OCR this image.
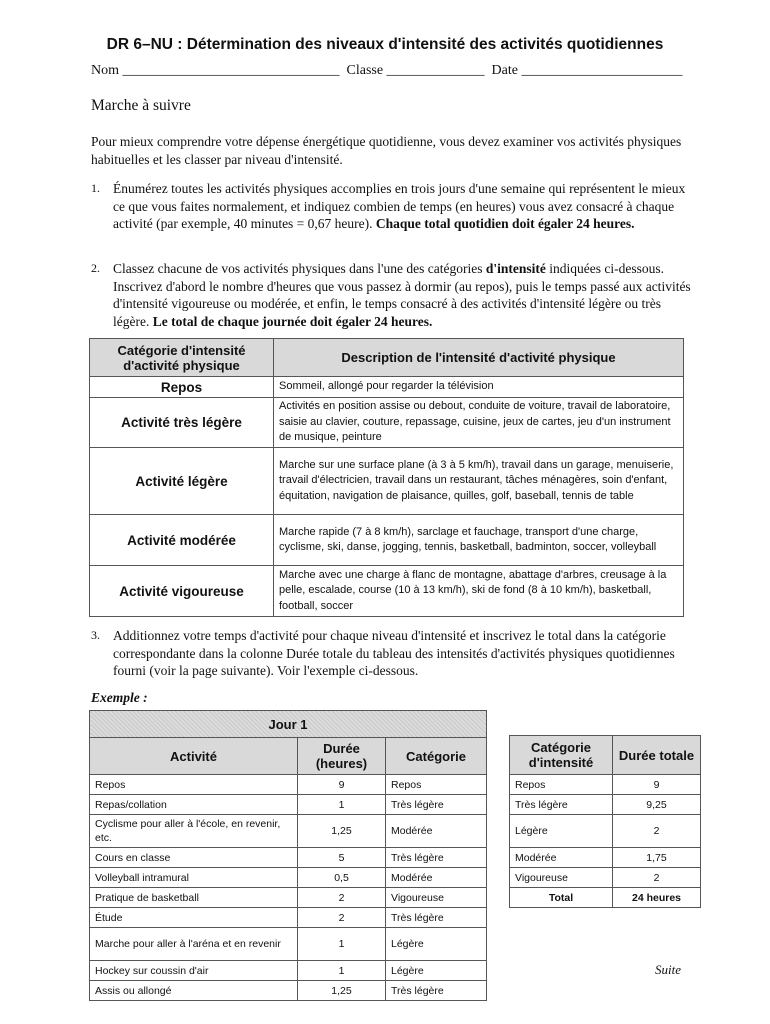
DR 6–NU : Détermination des niveaux d'intensité des activités quotidiennes
Nom _______________________________  Classe ______________  Date _______________________
Marche à suivre
Pour mieux comprendre votre dépense énergétique quotidienne, vous devez examiner vos activités physiques habituelles et les classer par niveau d'intensité.
1. Énumérez toutes les activités physiques accomplies en trois jours d'une semaine qui représentent le mieux ce que vous faites normalement, et indiquez combien de temps (en heures) vous avez consacré à chaque activité (par exemple, 40 minutes = 0,67 heure). Chaque total quotidien doit égaler 24 heures.
2. Classez chacune de vos activités physiques dans l'une des catégories d'intensité indiquées ci-dessous. Inscrivez d'abord le nombre d'heures que vous passez à dormir (au repos), puis le temps passé aux activités d'intensité vigoureuse ou modérée, et enfin, le temps consacré à des activités d'intensité légère ou très légère. Le total de chaque journée doit égaler 24 heures.
Catégorie d'intensité d'activité physique	Description de l'intensité d'activité physique
Repos	Sommeil, allongé pour regarder la télévision
Activité très légère	Activités en position assise ou debout, conduite de voiture, travail de laboratoire, saisie au clavier, couture, repassage, cuisine, jeux de cartes, jeu d'un instrument de musique, peinture
Activité légère	Marche sur une surface plane (à 3 à 5 km/h), travail dans un garage, menuiserie, travail d'électricien, travail dans un restaurant, tâches ménagères, soin d'enfant, équitation, navigation de plaisance, quilles, golf, baseball, tennis de table
Activité modérée	Marche rapide (7 à 8 km/h), sarclage et fauchage, transport d'une charge, cyclisme, ski, danse, jogging, tennis, basketball, badminton, soccer, volleyball
Activité vigoureuse	Marche avec une charge à flanc de montagne, abattage d'arbres, creusage à la pelle, escalade, course (10 à 13 km/h), ski de fond (8 à 10 km/h), basketball, football, soccer
3. Additionnez votre temps d'activité pour chaque niveau d'intensité et inscrivez le total dans la catégorie correspondante dans la colonne Durée totale du tableau des intensités d'activités physiques quotidiennes fourni (voir la page suivante). Voir l'exemple ci-dessous.
Exemple :
Jour 1		
Activité	Durée (heures)	Catégorie
Repos	9	Repos
Repas/collation	1	Très légère
Cyclisme pour aller à l'école, en revenir, etc.	1,25	Modérée
Cours en classe	5	Très légère
Volleyball intramural	0,5	Modérée
Pratique de basketball	2	Vigoureuse
Étude	2	Très légère
Marche pour aller à l'aréna et en revenir	1	Légère
Hockey sur coussin d'air	1	Légère
Assis ou allongé	1,25	Très légère
Catégorie d'intensité	Durée totale
Repos	9
Très légère	9,25
Légère	2
Modérée	1,75
Vigoureuse	2
Total	24 heures
Suite
